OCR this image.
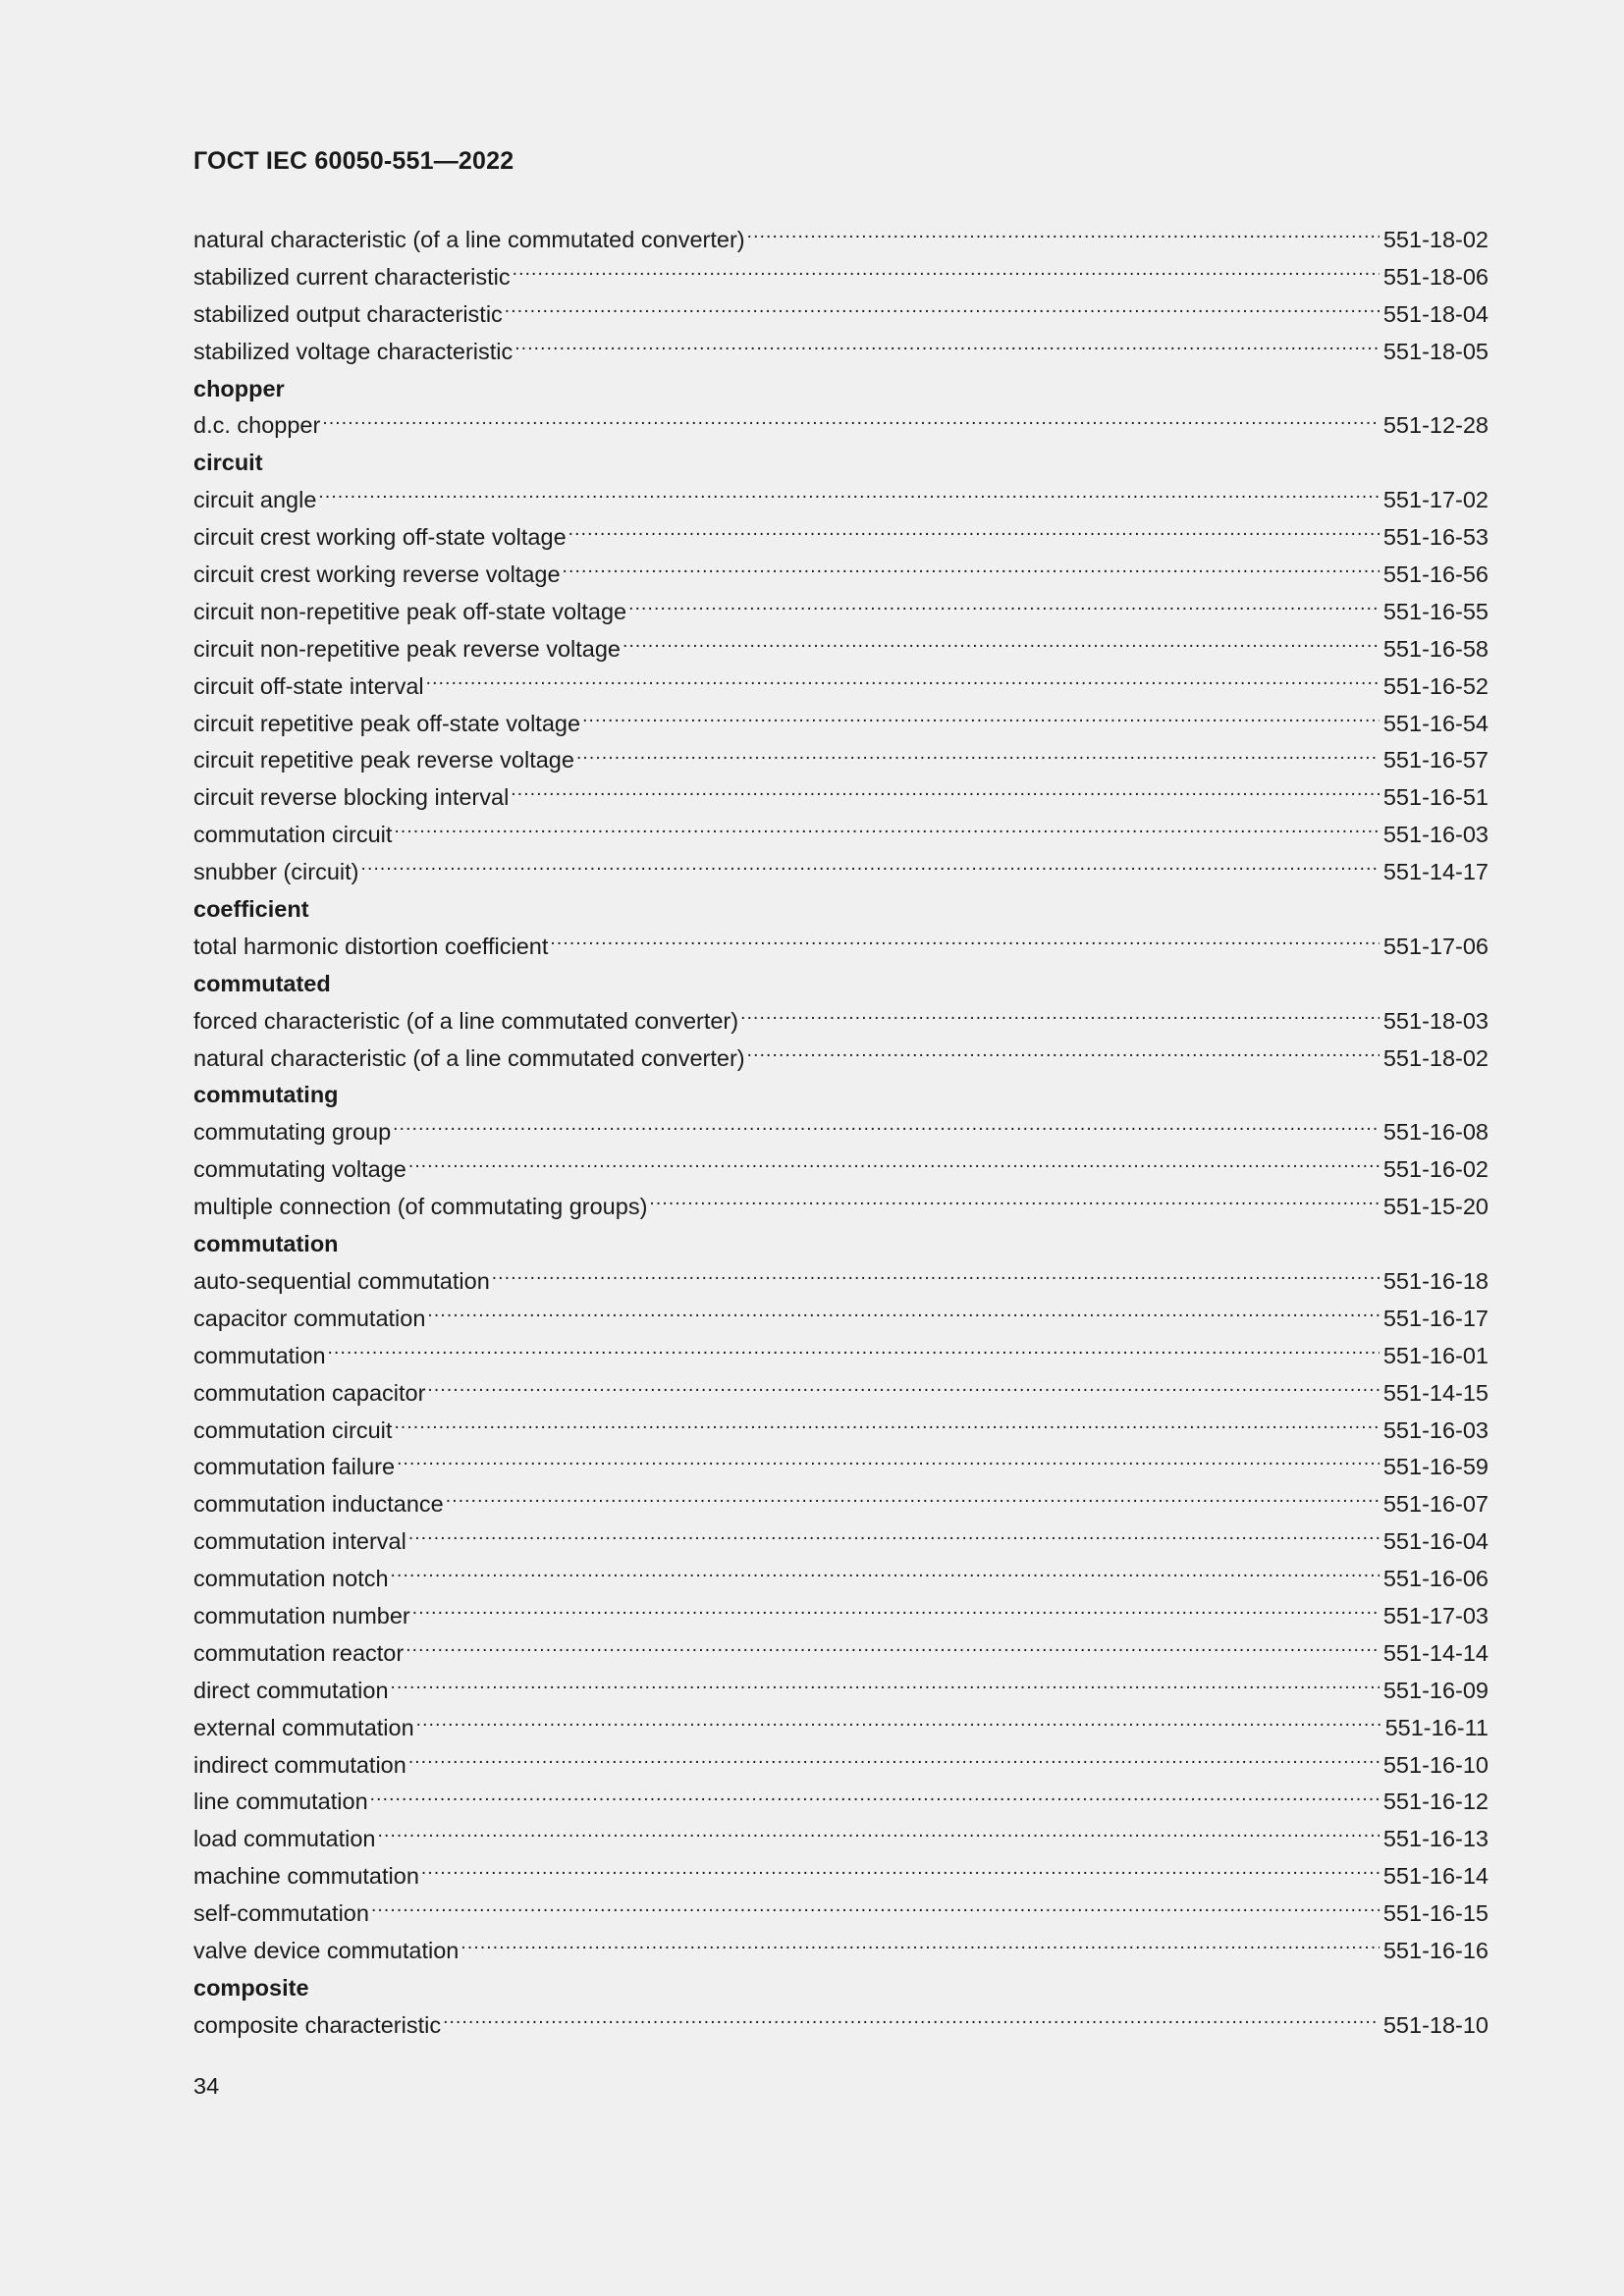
ГОСТ IEC 60050-551—2022
natural characteristic (of a line commutated converter) .....	551-18-02
stabilized current characteristic .....	551-18-06
stabilized output characteristic .....	551-18-04
stabilized voltage characteristic .....	551-18-05
chopper
d.c. chopper .....	551-12-28
circuit
circuit angle .....	551-17-02
circuit crest working off-state voltage .....	551-16-53
circuit crest working reverse voltage .....	551-16-56
circuit non-repetitive peak off-state voltage .....	551-16-55
circuit non-repetitive peak reverse voltage .....	551-16-58
circuit off-state interval .....	551-16-52
circuit repetitive peak off-state voltage .....	551-16-54
circuit repetitive peak reverse voltage .....	551-16-57
circuit reverse blocking interval .....	551-16-51
commutation circuit .....	551-16-03
snubber (circuit) .....	551-14-17
coefficient
total harmonic distortion coefficient .....	551-17-06
commutated
forced characteristic (of a line commutated converter) .....	551-18-03
natural characteristic (of a line commutated converter) .....	551-18-02
commutating
commutating group .....	551-16-08
commutating voltage .....	551-16-02
multiple connection (of commutating groups) .....	551-15-20
commutation
auto-sequential commutation .....	551-16-18
capacitor commutation .....	551-16-17
commutation .....	551-16-01
commutation capacitor .....	551-14-15
commutation circuit .....	551-16-03
commutation failure .....	551-16-59
commutation inductance .....	551-16-07
commutation interval .....	551-16-04
commutation notch .....	551-16-06
commutation number .....	551-17-03
commutation reactor .....	551-14-14
direct commutation .....	551-16-09
external commutation .....	551-16-11
indirect commutation .....	551-16-10
line commutation .....	551-16-12
load commutation .....	551-16-13
machine commutation .....	551-16-14
self-commutation .....	551-16-15
valve device commutation .....	551-16-16
composite
composite characteristic .....	551-18-10
34
